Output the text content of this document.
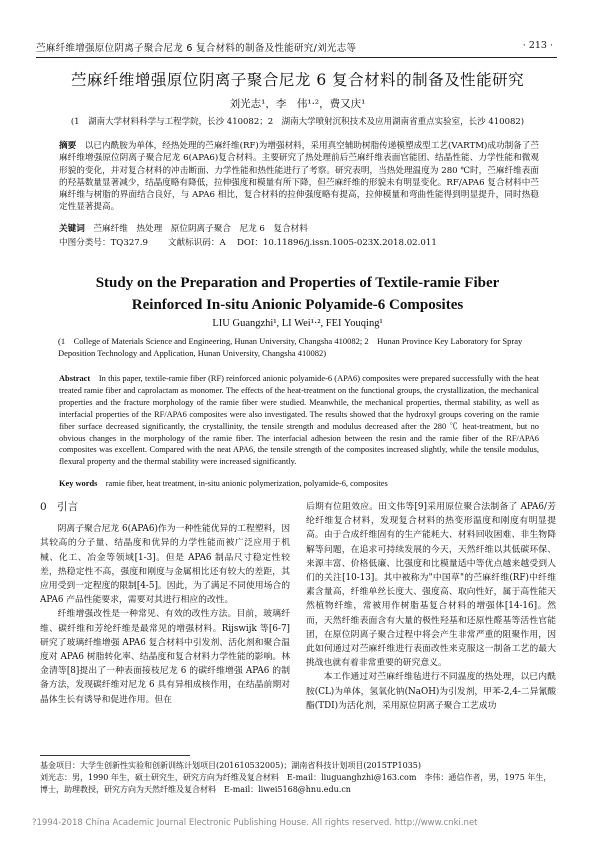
苎麻纤维增强原位阴离子聚合尼龙 6 复合材料的制备及性能研究/刘光志等	· 213 ·
苎麻纤维增强原位阴离子聚合尼龙 6 复合材料的制备及性能研究
刘光志¹，李　伟¹·²，费又庆¹
(1　湖南大学材料科学与工程学院，长沙 410082；2　湖南大学喷射沉积技术及应用湖南省重点实验室，长沙 410082)
摘要　 以已内酰胺为单体，经热处理的苎麻纤维(RF)为增强材料，采用真空辅助树脂传递模塑成型工艺(VARTM)成功制备了苎麻纤维增强原位阴离子聚合尼龙 6(APA6)复合材料。主要研究了热处理前后苎麻纤维表面官能团、结晶性能、力学性能和微观形貌的变化，并对复合材料的冲击断面、力学性能和热性能进行了考察。研究表明，当热处理温度为 280 ℃时，苎麻纤维表面的羟基数量显著减少，结晶度略有降低，拉伸强度和模量有所下降，但苎麻纤维的形貌未有明显变化。RF/APA6 复合材料中苎麻纤维与树脂的界面结合良好，与 APA6 相比，复合材料的拉伸强度略有提高，拉伸模量和弯曲性能得到明显提升，同时热稳定性显著提高。
关键词　 苎麻纤维　热处理　原位阴离子聚合　尼龙 6　复合材料
中图分类号：TQ327.9　　 文献标识码：A　 DOI：10.11896/j.issn.1005-023X.2018.02.011
Study on the Preparation and Properties of Textile-ramie Fiber
Reinforced In-situ Anionic Polyamide-6 Composites
LIU Guangzhi¹, LI Wei¹·², FEI Youqing¹
(1　College of Materials Science and Engineering, Hunan University, Changsha 410082; 2　Hunan Province Key Laboratory for Spray Deposition Technology and Application, Hunan University, Changsha 410082)
Abstract　 In this paper, textile-ramie fiber (RF) reinforced anionic polyamide-6 (APA6) composites were prepared successfully with the heat treated ramie fiber and caprolactam as monomer. The effects of the heat-treatment on the functional groups, the crystallization, the mechanical properties and the fracture morphology of the ramie fiber were studied. Meanwhile, the mechanical properties, thermal stability, as well as interfacial properties of the RF/APA6 composites were also investigated. The results showed that the hydroxyl groups covering on the ramie fiber surface decreased significantly, the crystallinity, the tensile strength and modulus decreased after the 280 ℃ heat-treatment, but no obvious changes in the morphology of the ramie fiber. The interfacial adhesion between the resin and the ramie fiber of the RF/APA6 composites was excellent. Compared with the neat APA6, the tensile strength of the composites increased slightly, while the tensile modulus, flexural property and the thermal stability were increased significantly.
Key words　 ramie fiber, heat treatment, in-situ anionic polymerization, polyamide-6, composites
0　引言
阴离子聚合尼龙 6(APA6)作为一种性能优异的工程塑料，因其较高的分子量、结晶度和优异的力学性能而被广泛应用于机械、化工、冶金等领域[1-3]。但是 APA6 制品尺寸稳定性较差，热稳定性不高，强度和刚度与金属相比还有较大的差距，其应用受到一定程度的限制[4-5]。因此，为了满足不同使用场合的 APA6 产品性能要求，需要对其进行相应的改性。
纤维增强改性是一种常见、有效的改性方法。目前，玻璃纤维、碳纤维和芳纶纤维是最常见的增强材料。Rijswijk 等[6-7]研究了玻璃纤维增强 APA6 复合材料中引发剂、活化剂和聚合温度对 APA6 树脂转化率、结晶度和复合材料力学性能的影响。林金清等[8]提出了一种表面接枝尼龙 6 的碳纤维增强 APA6 的制备方法，发现碳纤维对尼龙 6 具有异相成核作用，在结晶前期对晶体生长有诱导和促进作用。但在
后期有位阻效应。田文伟等[9]采用原位聚合法制备了 APA6/芳纶纤维复合材料，发现复合材料的热变形温度和刚度有明显提高。由于合成纤维固有的生产能耗大、材料回收困难、非生物降解等问题，在追求可持续发展的今天，天然纤维以其低碳环保、来源丰富、价格低廉、比强度和比模量适中等优点越来越受到人们的关注[10-13]。其中被称为"中国草"的苎麻纤维(RF)中纤维素含量高，纤维单丝长度大、强度高、取向性好，属于高性能天然植物纤维，常被用作树脂基复合材料的增强体[14-16]。然而，天然纤维表面含有大量的极性羟基和还原性醛基等活性官能团，在原位阴离子聚合过程中将会产生非常严重的阻聚作用，因此如何通过对苎麻纤维进行表面改性来克服这一制备工艺的最大挑战也就有着非常重要的研究意义。
本工作通过对苎麻纤维毡进行不同温度的热处理，以已内酰胺(CL)为单体，氢氧化钠(NaOH)为引发剂，甲苯-2,4-二异氰酸酯(TDI)为活化剂，采用原位阴离子聚合工艺成功
基金项目：大学生创新性实验和创新训练计划项目(201610532005)；湖南省科技计划项目(2015TP1035)
刘光志：男，1990 年生，硕士研究生，研究方向为纤维及复合材料　E-mail：liuguanghzhi@163.com　李伟：通信作者，男，1975 年生，博士，助理教授，研究方向为天然纤维及复合材料　E-mail：liwei5168@hnu.edu.cn
?1994-2018 China Academic Journal Electronic Publishing House. All rights reserved. http://www.cnki.net
